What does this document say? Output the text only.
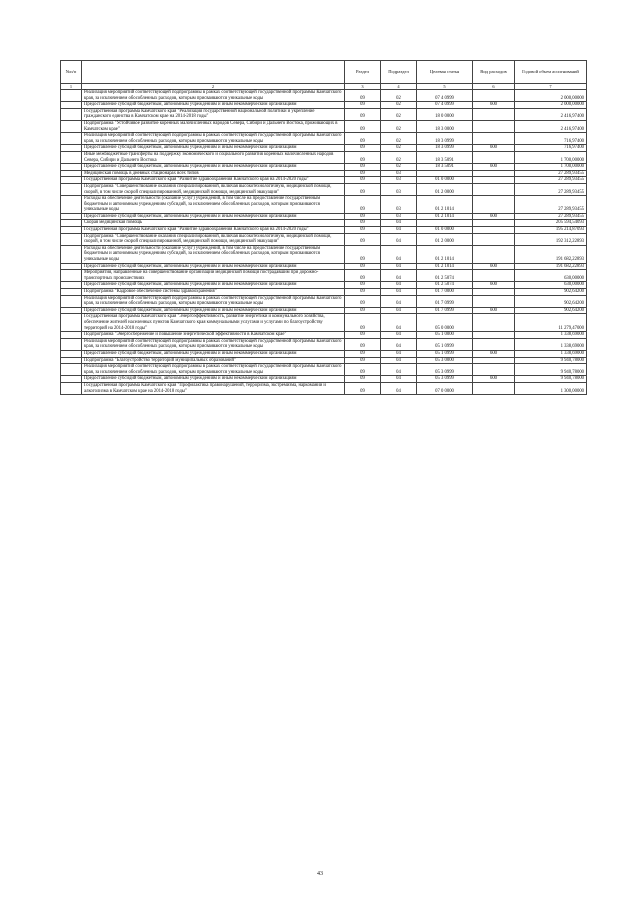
№п/п		Раздел	Подраздел	Целевая статья	Вид расходов	Годовой объем ассигнований
1	2	3	4	5	6	7
	Реализация мероприятий соответствующей подпрограммы в рамках соответствующей государственной программы Камчатского края, за исключением обособленных расходов, которым присваиваются уникальные коды	09	02	07 4 0999		2 000,00000
	Предоставление субсидий бюджетным, автономным учреждениям и иным некоммерческим организациям	09	02	07 4 0999	600	2 000,00000
	Государственная программа Камчатского края "Реализация государственной национальной политики и укрепление гражданского единства в Камчатском крае на 2014-2018 годы"	09	02	18 0 0000		2 416,97400
	Подпрограмма "Устойчивое развитие коренных малочисленных народов Севера, Сибири и Дальнего Востока, проживающих в Камчатском крае"	09	02	18 3 0000		2 416,97400
	Реализация мероприятий соответствующей подпрограммы в рамках соответствующей государственной программы Камчатского края, за исключением обособленных расходов, которым присваиваются уникальные коды	09	02	18 3 0999		716,97400
	Предоставление субсидий бюджетным, автономным учреждениям и иным некоммерческим организациям	09	02	18 3 0999	600	716,97400
	Иные межбюджетные трансферты на поддержку экономического и социального развития коренных малочисленных народов Севера, Сибири и Дальнего Востока	09	02	18 3 5091		1 700,00000
	Предоставление субсидий бюджетным, автономным учреждениям и иным некоммерческим организациям	09	02	18 3 5091	600	1 700,00000
	Медицинская помощь в дневных стационарах всех типов	09	03			27 289,93455
	Государственная программа Камчатского края "Развитие здравоохранения Камчатского края на 2014-2020 годы"	09	03	01 0 0000		27 289,93455
	Подпрограмма "Совершенствование оказания специализированной, включая высокотехнологичную, медицинской помощи, скорой, в том числе скорой специализированной, медицинской помощи, медицинской эвакуации"	09	03	01 2 0000		27 289,93455
	Расходы на обеспечение деятельности (оказание услуг) учреждений, в том числе на предоставление государственным бюджетным и автономным учреждениям субсидий, за исключением обособленных расходов, которым присваиваются уникальные коды	09	03	01 2 1014		27 289,93455
	Предоставление субсидий бюджетным, автономным учреждениям и иным некоммерческим организациям	09	03	01 2 1014	600	27 289,93455
	Скорая медицинская помощь	09	04			205 594,54093
	Государственная программа Камчатского края "Развитие здравоохранения Камчатского края на 2014-2020 годы"	09	04	01 0 0000		195 214,87093
	Подпрограмма "Совершенствование оказания специализированной, включая высокотехнологичную, медицинской помощи, скорой, в том числе скорой специализированной, медицинской помощи, медицинской эвакуации"	09	04	01 2 0000		192 312,22893
	Расходы на обеспечение деятельности (оказание услуг) учреждений, в том числе на предоставление государственным бюджетным и автономным учреждениям субсидий, за исключением обособленных расходов, которым присваиваются уникальные коды	09	04	01 2 1014		191 682,22893
	Предоставление субсидий бюджетным, автономным учреждениям и иным некоммерческим организациям	09	04	01 2 1014	600	191 682,22893
	Мероприятия, направленные на совершенствование организации медицинской помощи пострадавшим при дорожно-транспортных происшествиях	09	04	01 2 5074		630,00000
	Предоставление субсидий бюджетным, автономным учреждениям и иным некоммерческим организациям	09	04	01 2 5074	600	630,00000
	Подпрограмма "Кадровое обеспечение системы здравоохранения"	09	04	01 7 0000		902,64200
	Реализация мероприятий соответствующей подпрограммы в рамках соответствующей государственной программы Камчатского края, за исключением обособленных расходов, которым присваиваются уникальные коды	09	04	01 7 0999		902,64200
	Предоставление субсидий бюджетным, автономным учреждениям и иным некоммерческим организациям	09	04	01 7 0999	600	902,64200
	Государственная программа Камчатского края "Энергоэффективность, развитие энергетики и коммунального хозяйства, обеспечение жителей населенных пунктов Камчатского края коммунальными услугами и услугами по благоустройству территорий на 2014-2018 годы"	09	04	05 0 0000		11 279,47000
	Подпрограмма "Энергосбережение и повышение энергетической эффективности в Камчатском крае"	09	04	05 1 0000		1 338,69000
	Реализация мероприятий соответствующей подпрограммы в рамках соответствующей государственной программы Камчатского края, за исключением обособленных расходов, которым присваиваются уникальные коды	09	04	05 1 0999		1 338,69000
	Предоставление субсидий бюджетным, автономным учреждениям и иным некоммерческим организациям	09	04	05 1 0999	600	1 338,69000
	Подпрограмма "Благоустройство территорий муниципальных образований"	09	04	05 3 0000		9 940,78000
	Реализация мероприятий соответствующей подпрограммы в рамках соответствующей государственной программы Камчатского края, за исключением обособленных расходов, которым присваиваются уникальные коды	09	04	05 3 0999		9 940,78000
	Предоставление субсидий бюджетным, автономным учреждениям и иным некоммерческим организациям	09	04	05 3 0999	600	9 940,78000
	Государственная программа Камчатского края "Профилактика правонарушений, терроризма, экстремизма, наркомании и алкоголизма в Камчатском крае на 2014-2018 годы"	09	04	07 0 0000		1 300,00000
43
